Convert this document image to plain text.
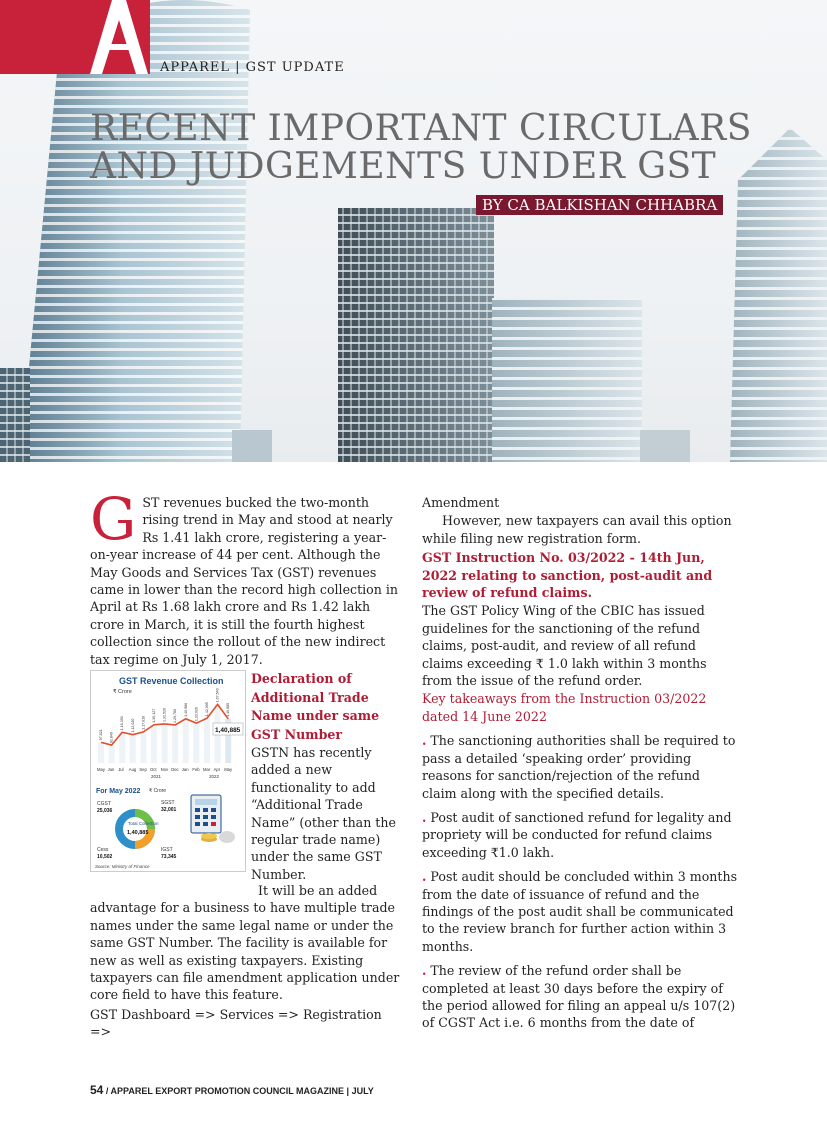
APPAREL | GST UPDATE
RECENT IMPORTANT CIRCULARS
AND JUDGEMENTS UNDER GST
BY CA BALKISHAN CHHABRA

GST revenues bucked the two-month rising trend in May and stood at nearly Rs 1.41 lakh crore, registering a year-on-year increase of 44 per cent. Although the May Goods and Services Tax (GST) revenues came in lower than the record high collection in April at Rs 1.68 lakh crore and Rs 1.42 lakh crore in March, it is still the fourth highest collection since the rollout of the new indirect tax regime on July 1, 2017.

GST Revenue Collection
₹ Crore
97,821 92,849
1,16,393 1,12,020 1,17,010
1,30,127 1,31,526 1,29,780 1,40,986 1,33,026 1,42,095
1,67,540
1,40,885
May Jun Jul Aug Sep Oct Nov Dec Jan Feb Mar Apr May
2021	2022
1,40,885
For May 2022 ₹ Crore
Total Collection
1,40,885
CGST
25,036
SGST
32,001
Cess
10,502
IGST
73,345
Source: Ministry of Finance
Declaration of Additional Trade Name under same GST Number
GSTN has recently added a new functionality to add “Additional Trade Name” (other than the regular trade name) under the same GST Number.

It will be an added advantage for a business to have multiple trade names under the same legal name or under the same GST Number. The facility is available for new as well as existing taxpayers. Existing taxpayers can file amendment application under core field to have this feature.

GST Dashboard => Services => Registration =>

Amendment

However, new taxpayers can avail this option while filing new registration form.

GST Instruction No. 03/2022 - 14th Jun, 2022 relating to sanction, post-audit and review of refund claims.

The GST Policy Wing of the CBIC has issued guidelines for the sanctioning of the refund claims, post-audit, and review of all refund claims exceeding ₹ 1.0 lakh within 3 months from the issue of the refund order.

Key takeaways from the Instruction 03/2022 dated 14 June 2022

. The sanctioning authorities shall be required to pass a detailed ‘speaking order’ providing reasons for sanction/rejection of the refund claim along with the specified details.

. Post audit of sanctioned refund for legality and propriety will be conducted for refund claims exceeding ₹1.0 lakh.

. Post audit should be concluded within 3 months from the date of issuance of refund and the findings of the post audit shall be communicated to the review branch for further action within 3 months.

. The review of the refund order shall be completed at least 30 days before the expiry of the period allowed for filing an appeal u/s 107(2) of CGST Act i.e. 6 months from the date of

54 / APPAREL EXPORT PROMOTION COUNCIL MAGAZINE | JULY
